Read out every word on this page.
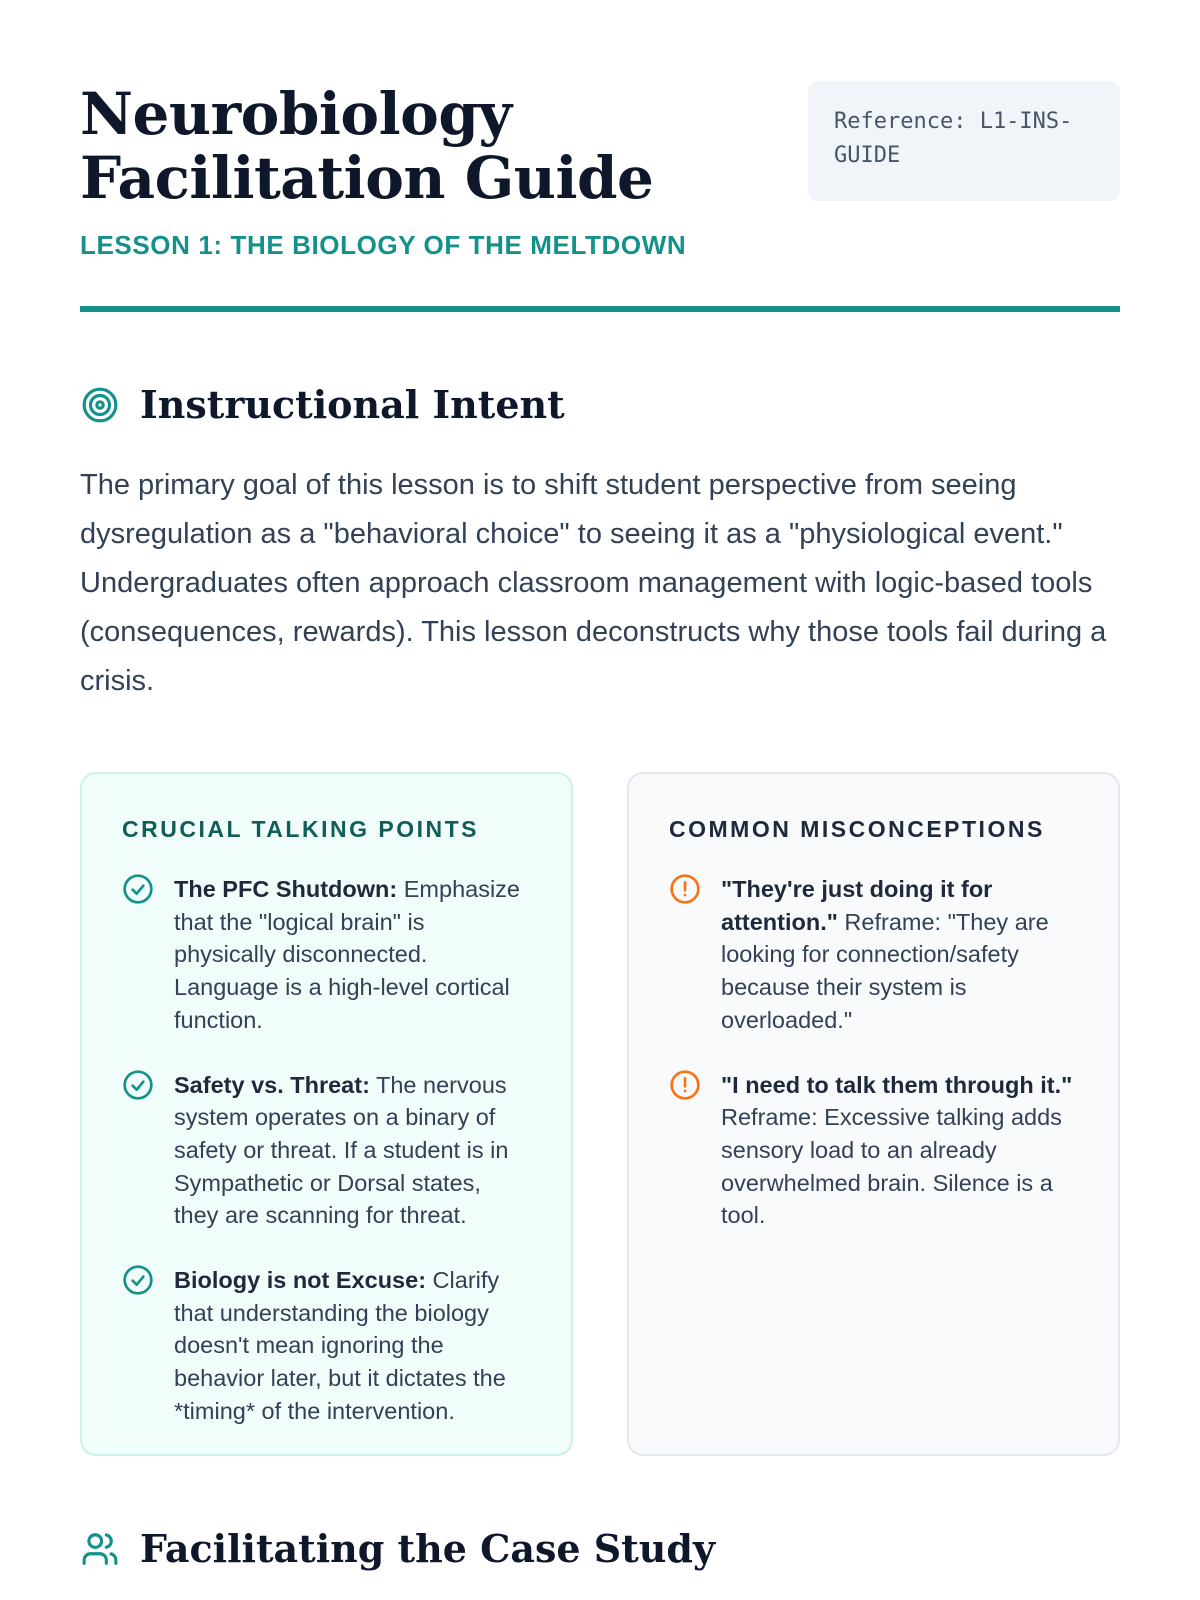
Neurobiology Facilitation Guide
LESSON 1: THE BIOLOGY OF THE MELTDOWN
Reference: L1-INS-GUIDE
Instructional Intent

The primary goal of this lesson is to shift student perspective from seeing dysregulation as a "behavioral choice" to seeing it as a "physiological event." Undergraduates often approach classroom management with logic-based tools (consequences, rewards). This lesson deconstructs why those tools fail during a crisis.

CRUCIAL TALKING POINTS
The PFC Shutdown: Emphasize that the "logical brain" is physically disconnected. Language is a high-level cortical function.
Safety vs. Threat: The nervous system operates on a binary of safety or threat. If a student is in Sympathetic or Dorsal states, they are scanning for threat.
Biology is not Excuse: Clarify that understanding the biology doesn't mean ignoring the behavior later, but it dictates the *timing* of the intervention.
COMMON MISCONCEPTIONS
"They're just doing it for attention." Reframe: "They are looking for connection/safety because their system is overloaded."
"I need to talk them through it." Reframe: Excessive talking adds sensory load to an already overwhelmed brain. Silence is a tool.
Facilitating the Case Study
